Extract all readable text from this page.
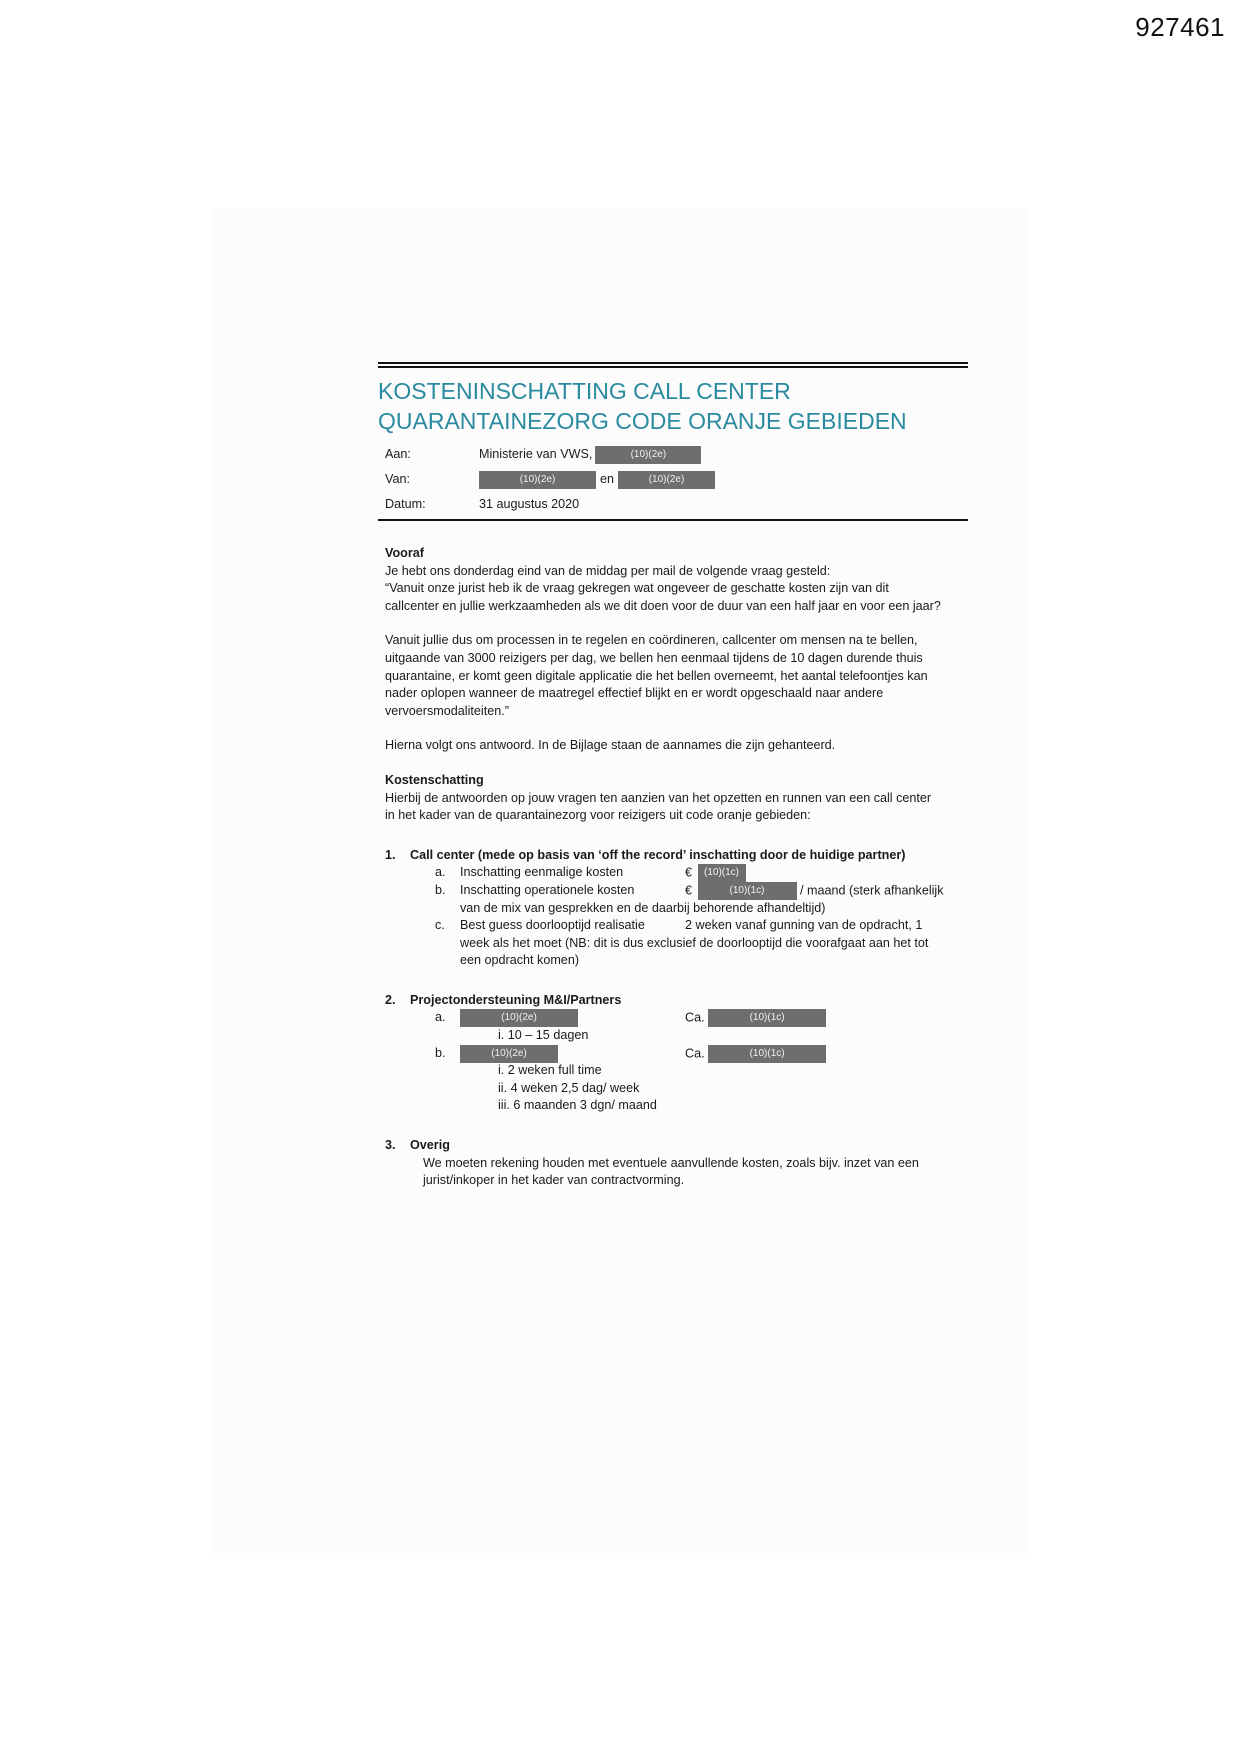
927461
KOSTENINSCHATTING CALL CENTER
QUARANTAINEZORG CODE ORANJE GEBIEDEN
Aan:	Ministerie van VWS,	(10)(2e)
Van:	(10)(2e)	en	(10)(2e)
Datum:	31 augustus 2020

Vooraf

Je hebt ons donderdag eind van de middag per mail de volgende vraag gesteld:

“Vanuit onze jurist heb ik de vraag gekregen wat ongeveer de geschatte kosten zijn van dit

callcenter en jullie werkzaamheden als we dit doen voor de duur van een half jaar en voor een jaar?

Vanuit jullie dus om processen in te regelen en coördineren, callcenter om mensen na te bellen,

uitgaande van 3000 reizigers per dag, we bellen hen eenmaal tijdens de 10 dagen durende thuis

quarantaine, er komt geen digitale applicatie die het bellen overneemt, het aantal telefoontjes kan

nader oplopen wanneer de maatregel effectief blijkt en er wordt opgeschaald naar andere

vervoersmodaliteiten.”

Hierna volgt ons antwoord. In de Bijlage staan de aannames die zijn gehanteerd.

Kostenschatting

Hierbij de antwoorden op jouw vragen ten aanzien van het opzetten en runnen van een call center

in het kader van de quarantainezorg voor reizigers uit code oranje gebieden:

1.	Call center (mede op basis van ‘off the record’ inschatting door de huidige partner)
a. Inschatting eenmalige kosten	€ (10)(1c)
b. Inschatting operationele kosten	€	(10)(1c)	/ maand (sterk afhankelijk

van de mix van gesprekken en de daarbij behorende afhandeltijd)

c. Best guess doorlooptijd realisatie	2 weken vanaf gunning van de opdracht, 1

week als het moet (NB: dit is dus exclusief de doorlooptijd die voorafgaat aan het tot

een opdracht komen)

2.	Projectondersteuning M&I/Partners
a.	(10)(2e)	Ca.	(10)(1c)
i. 10 – 15 dagen
b.	(10)(2e)	Ca.	(10)(1c)
i. 2 weken full time
ii. 4 weken 2,5 dag/ week
iii. 6 maanden 3 dgn/ maand
3.	Overig

We moeten rekening houden met eventuele aanvullende kosten, zoals bijv. inzet van een

jurist/inkoper in het kader van contractvorming.
